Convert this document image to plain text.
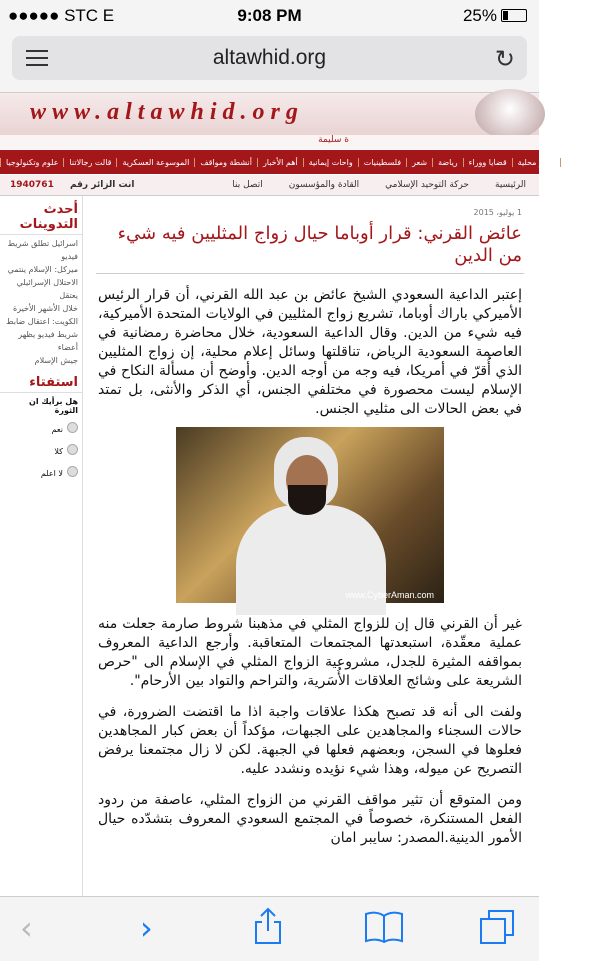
●●●●● STC E	9:08 PM	25%
altawhid.org	↻
www.altawhid.org
ة سليمة
أخبار دولية
أخبار محلية
قضايا ووراء
رياضة
شعر
فلسطينيات
واحات إيمانية
أهم الأخبار
أنشطة ومواقف
الموسوعة العسكرية
قالت رجالاتنا
علوم وتكنولوجيا
الرئيسية
حركة التوحيد الإسلامي
القادة والمؤسسون
اتصل بنا
انت الزائر رقم 1940761
أحدث التدوينات
اسرائيل تطلق شريط فيديو
ميركل: الإسلام ينتمي
الاحتلال الإسرائيلي يعتقل
خلال الأشهر الأخيرة
الكويت: اعتقال ضابط
شريط فيديو يظهر أعضاء
جيش الإسلام
استفتاء
هل برأيك ان الثورة
نعم
كلا
لا اعلم
1 يوليو، 2015
عائض القرني: قرار أوباما حيال زواج المثليين فيه شيء من الدين

إعتبر الداعية السعودي الشيخ عائض بن عبد الله القرني، أن قرار الرئيس الأميركي باراك أوباما، تشريع زواج المثليين في الولايات المتحدة الأميركية، فيه شيء من الدين. وقال الداعية السعودية، خلال محاضرة رمضانية في العاصمة السعودية الرياض، تناقلتها وسائل إعلام محلية، إن زواج المثليين الذي أُقرّ في أمريكا، فيه وجه من أوجه الدين. وأوضح أن مسألة النكاح في الإسلام ليست محصورة في مختلفي الجنس، أي الذكر والأنثى، بل تمتد في بعض الحالات الى مثليي الجنس.

www.CyberAman.com

غير أن القرني قال إن للزواج المثلي في مذهبنا شروط صارمة جعلت منه عملية معقّدة، استبعدتها المجتمعات المتعاقبة. وأرجع الداعية المعروف بمواقفه المثيرة للجدل، مشروعية الزواج المثلي في الإسلام الى "حرص الشريعة على وشائج العلاقات الأُسَرية، والتراحم والتواد بين الأرحام".

ولفت الى أنه قد تصبح هكذا علاقات واجبة اذا ما اقتضت الضرورة، في حالات السجناء والمجاهدين على الجبهات، مؤكداً أن بعض كبار المجاهدين فعلوها في السجن، وبعضهم فعلها في الجبهة. لكن لا زال مجتمعنا يرفض التصريح عن ميوله، وهذا شيء نؤيده ونشدد عليه.

ومن المتوقع أن تثير مواقف القرني من الزواج المثلي، عاصفة من ردود الفعل المستنكرة، خصوصاً في المجتمع السعودي المعروف بتشدّده حيال الأمور الدينية.المصدر: سايبر امان

‹	›
